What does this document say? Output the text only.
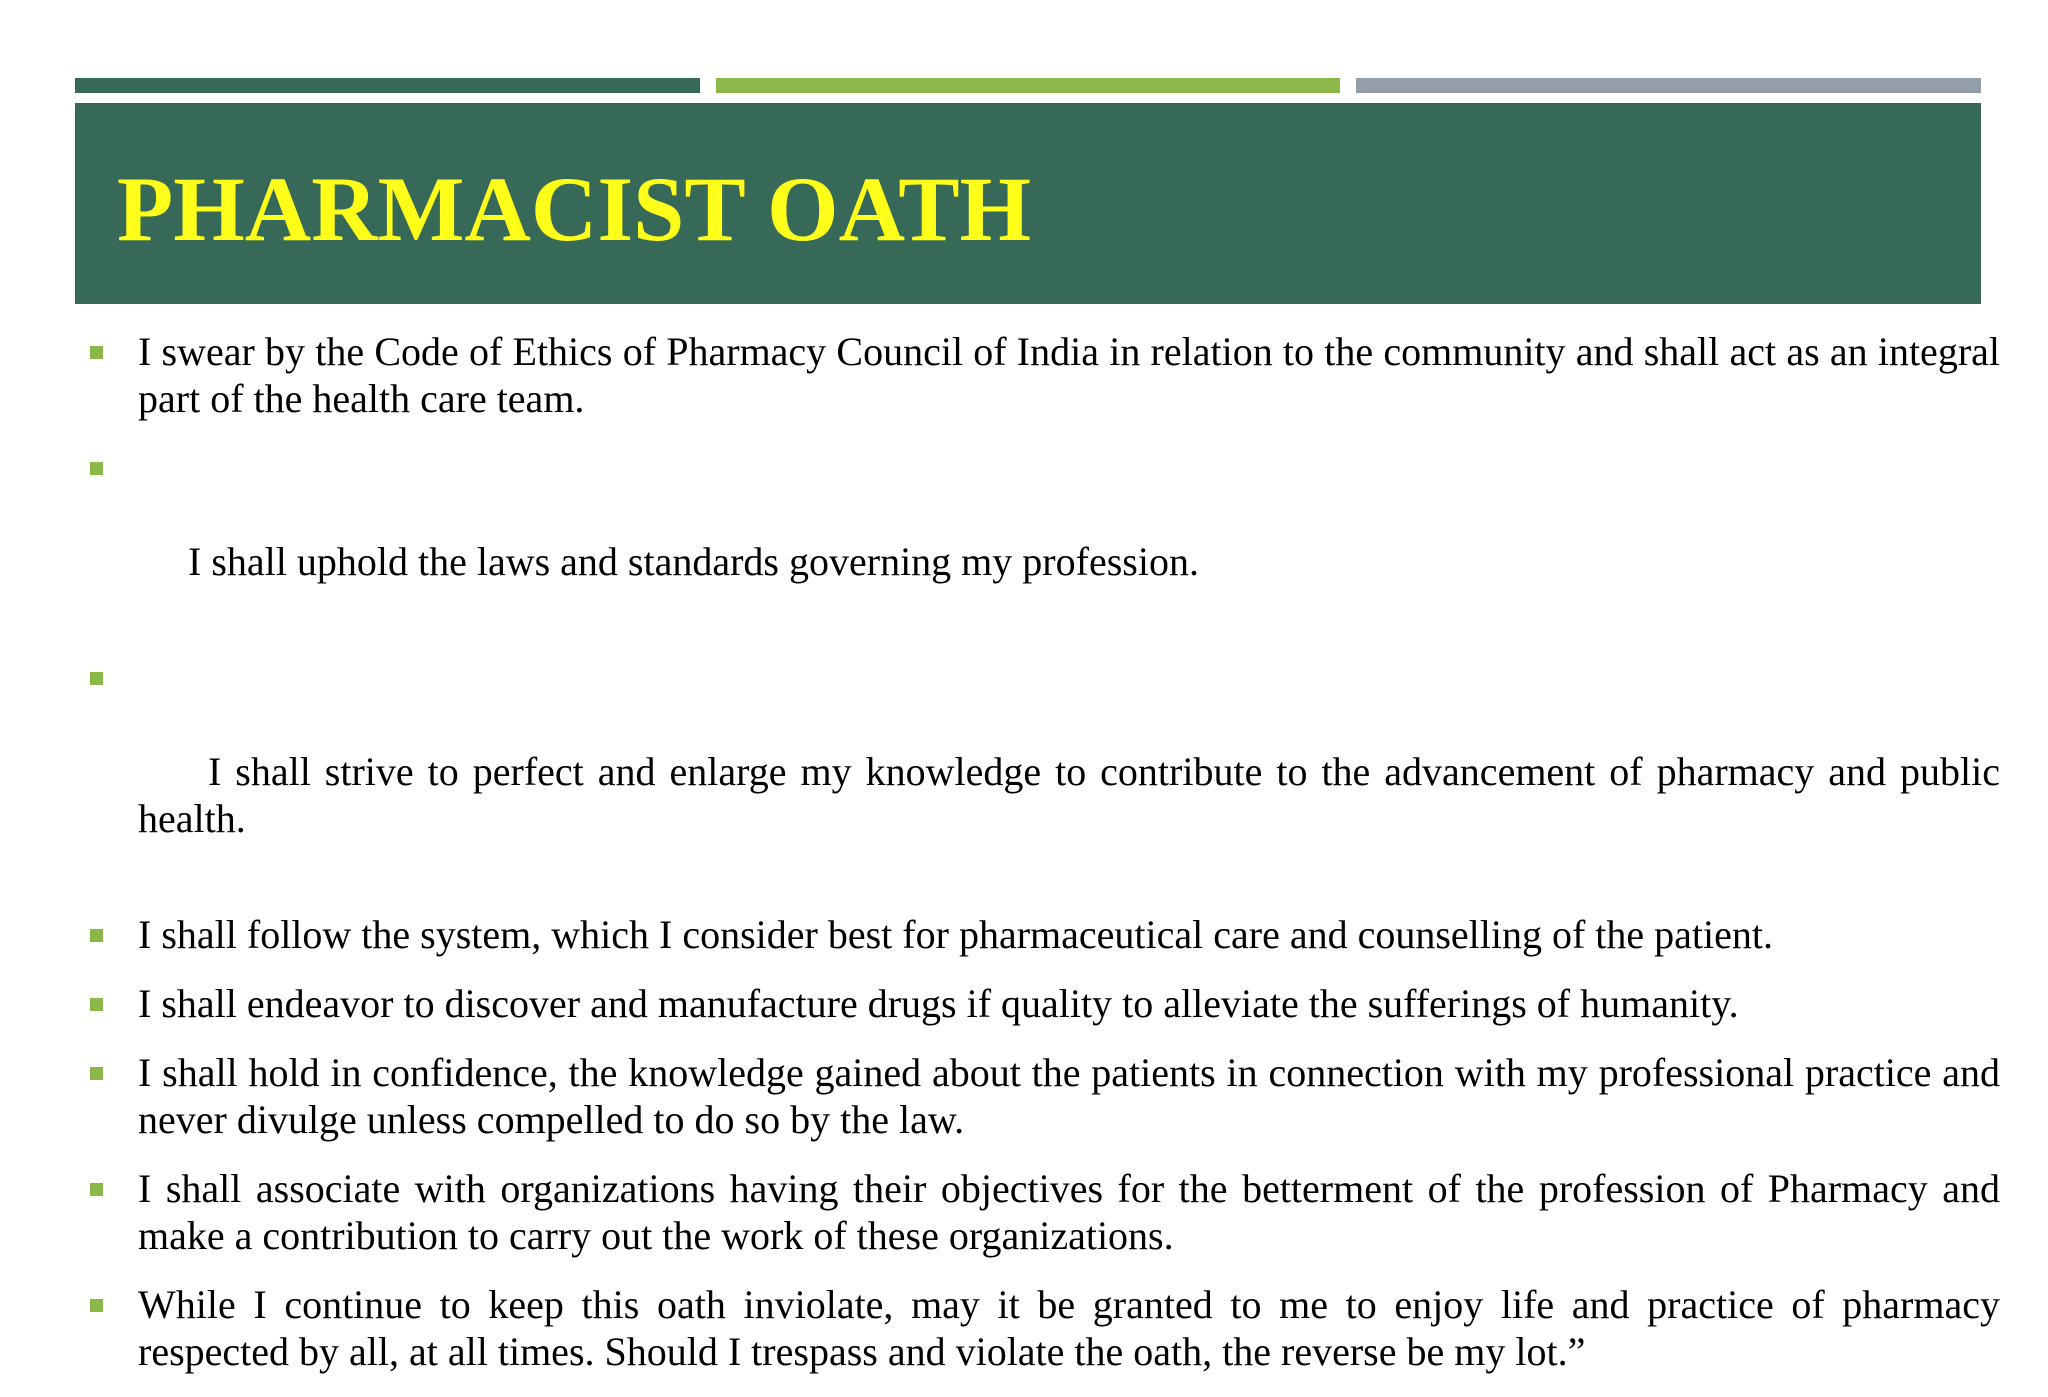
PHARMACIST OATH
I swear by the Code of Ethics of Pharmacy Council of India in relation to the community and shall act as an integral part of the health care team.

I shall uphold the laws and standards governing my profession.

I shall strive to perfect and enlarge my knowledge to contribute to the advancement of pharmacy and public health.

I shall follow the system, which I consider best for pharmaceutical care and counselling of the patient.
I shall endeavor to discover and manufacture drugs if quality to alleviate the sufferings of humanity.
I shall hold in confidence, the knowledge gained about the patients in connection with my professional practice and never divulge unless compelled to do so by the law.
I shall associate with organizations having their objectives for the betterment of the profession of Pharmacy and make a contribution to carry out the work of these organizations.
While I continue to keep this oath inviolate, may it be granted to me to enjoy life and practice of pharmacy respected by all, at all times. Should I trespass and violate the oath, the reverse be my lot.”
